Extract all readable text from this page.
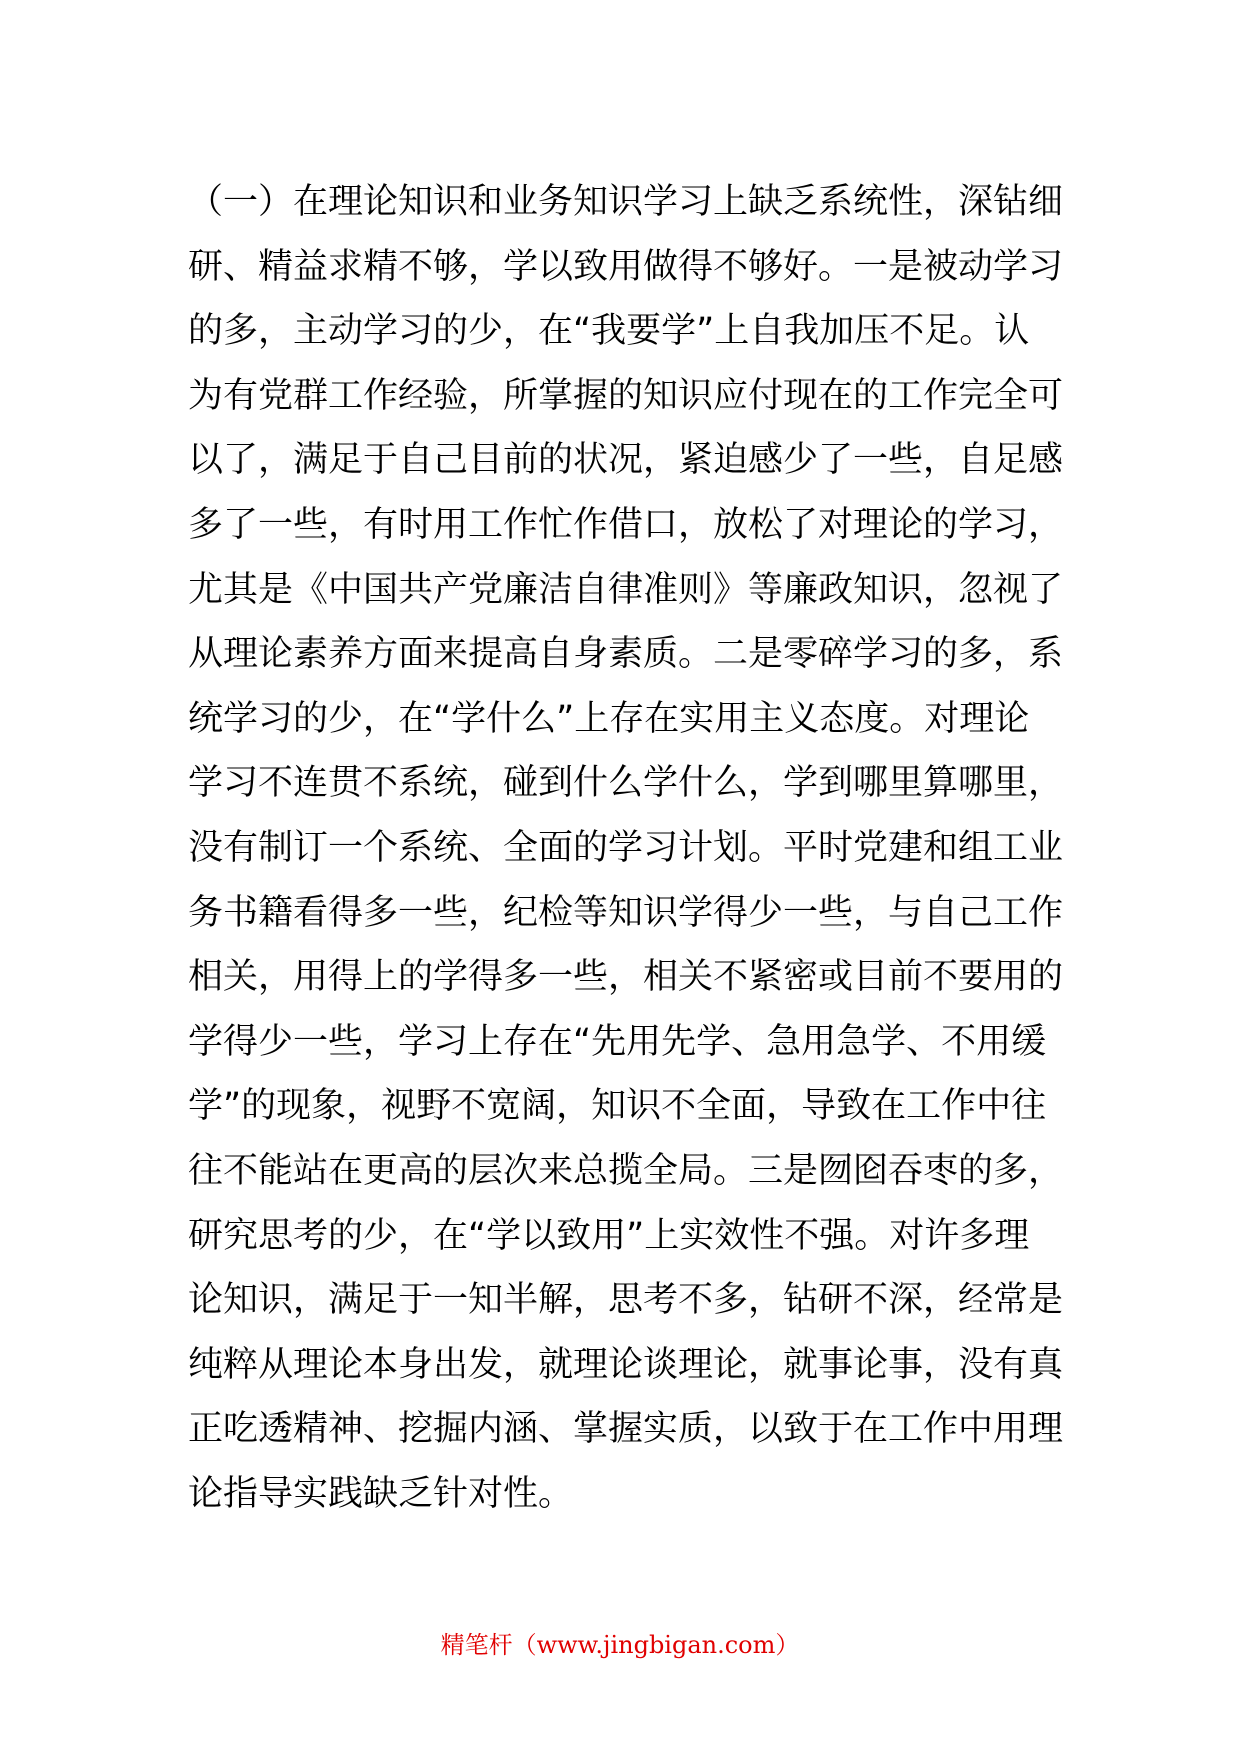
（一）在理论知识和业务知识学习上缺乏系统性，深钻细
研、精益求精不够，学以致用做得不够好。一是被动学习
的多，主动学习的少，在“我要学”上自我加压不足。认
为有党群工作经验，所掌握的知识应付现在的工作完全可
以了，满足于自己目前的状况，紧迫感少了一些，自足感
多了一些，有时用工作忙作借口，放松了对理论的学习，
尤其是《中国共产党廉洁自律准则》等廉政知识，忽视了
从理论素养方面来提高自身素质。二是零碎学习的多，系
统学习的少，在“学什么”上存在实用主义态度。对理论
学习不连贯不系统，碰到什么学什么，学到哪里算哪里，
没有制订一个系统、全面的学习计划。平时党建和组工业
务书籍看得多一些，纪检等知识学得少一些，与自己工作
相关，用得上的学得多一些，相关不紧密或目前不要用的
学得少一些，学习上存在“先用先学、急用急学、不用缓
学”的现象，视野不宽阔，知识不全面，导致在工作中往
往不能站在更高的层次来总揽全局。三是囫囵吞枣的多，
研究思考的少，在“学以致用”上实效性不强。对许多理
论知识，满足于一知半解，思考不多，钻研不深，经常是
纯粹从理论本身出发，就理论谈理论，就事论事，没有真
正吃透精神、挖掘内涵、掌握实质，以致于在工作中用理
论指导实践缺乏针对性。

精笔杆（www.jingbigan.com）
